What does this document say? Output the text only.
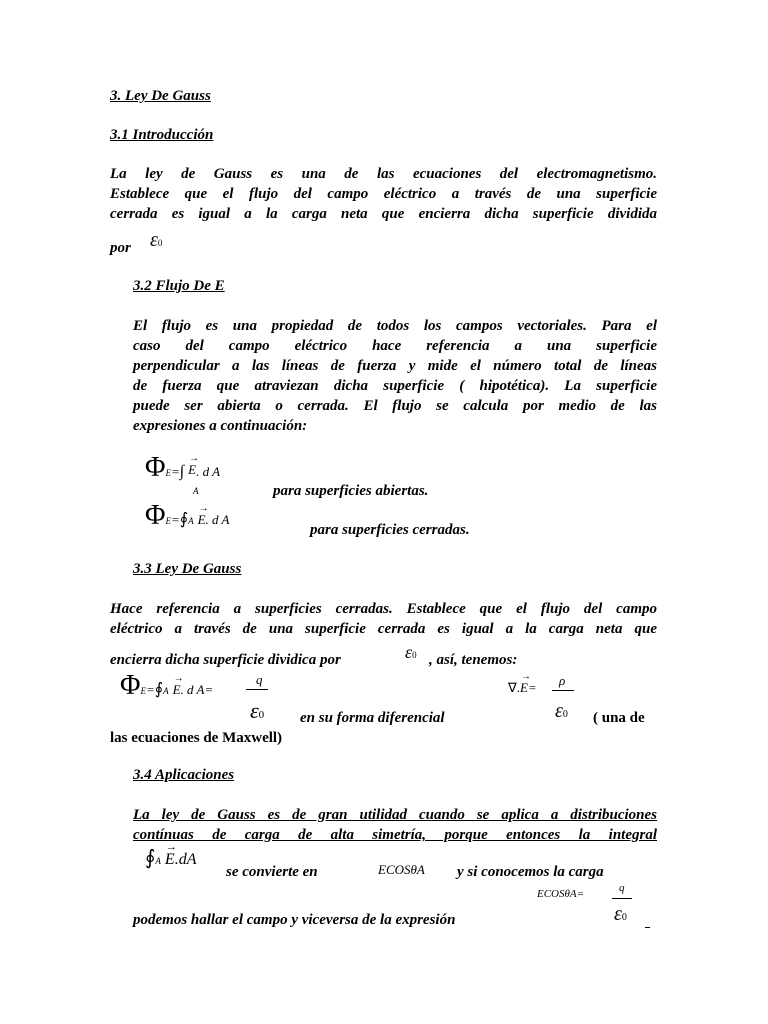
3. Ley De Gauss
3.1 Introducción
La ley de Gauss es una de las ecuaciones del electromagnetismo.
Establece que el flujo del campo eléctrico a través de una superficie
cerrada es igual a la carga neta que encierra dicha superficie dividida
por ε0
3.2 Flujo De E
El flujo es una propiedad de todos los campos vectoriales. Para el
caso del campo eléctrico hace referencia a una superficie
perpendicular a las líneas de fuerza y mide el número total de líneas
de fuerza que atraviezan dicha superficie ( hipotética). La superficie
puede ser abierta o cerrada. El flujo se calcula por medio de las
expresiones a continuación:
ΦE=∫
→
E. d A
A	para superficies abiertas.
ΦE=∮A
→
E. d A
para superficies cerradas.
3.3 Ley De Gauss
Hace referencia a superficies cerradas. Establece que el flujo del campo
eléctrico a través de una superficie cerrada es igual a la carga neta que
encierra dicha superficie dividica por	ε0 , así, tenemos:
ΦE=∮A
→
E. d A=
q
ε0 en su forma diferencial
∇.
→
E= ρ
ε0 ( una de
las ecuaciones de Maxwell)
3.4 Aplicaciones
La ley de Gauss es de gran utilidad cuando se aplica a distribuciones
contínuas de carga de alta simetría, porque entonces la integral
∮A
→
E.dA
se convierte en	ECOSθA y si conocemos la carga
ECOSθA=	q
ε0
podemos hallar el campo y viceversa de la expresión
